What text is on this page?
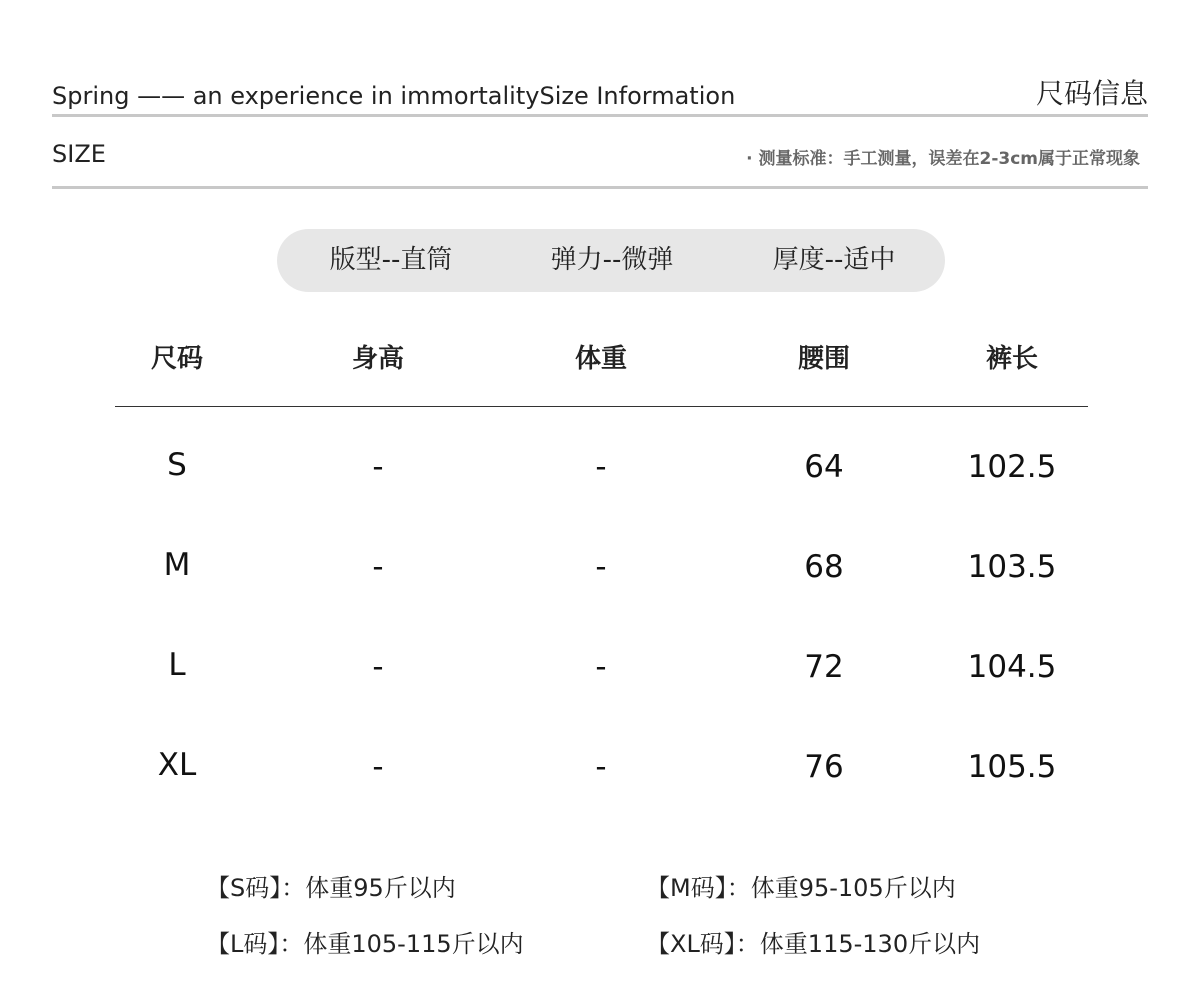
Spring —— an experience in immortalitySize Information	尺码信息
SIZE	· 测量标准：手工测量，误差在2-3cm属于正常现象
版型--直筒	弹力--微弹	厚度--适中
尺码	身高	体重	腰围	裤长
S	-	-	64	102.5
M	-	-	68	103.5
L	-	-	72	104.5
XL	-	-	76	105.5
【S码】：体重95斤以内	【M码】：体重95-105斤以内
【L码】：体重105-115斤以内	【XL码】：体重115-130斤以内
